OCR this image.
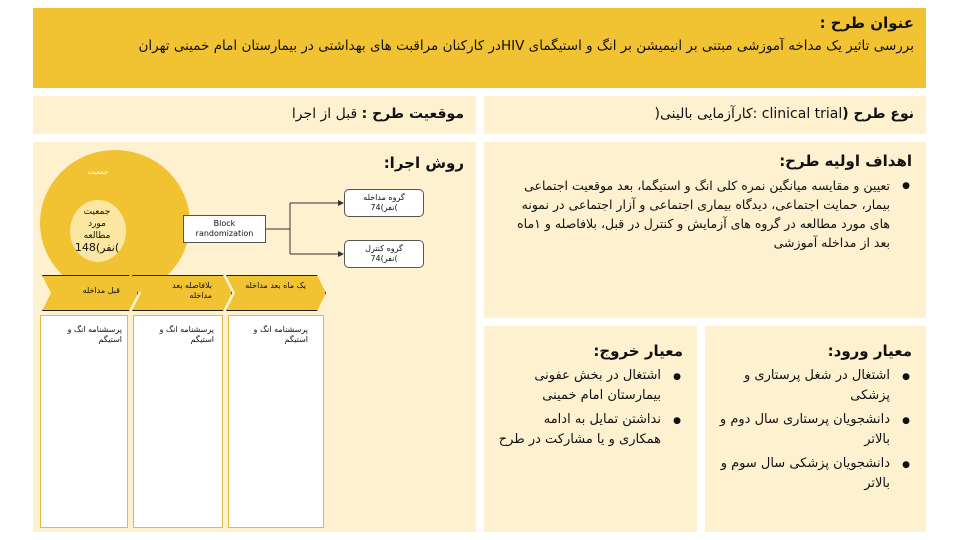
عنوان طرح :
بررسی تاثیر یک مداخه آموزشی مبتنی بر انیمیشن بر انگ و استیگمای HIVدر کارکنان مراقبت های بهداشتی در بیمارستان امام خمینی تهران
موقعیت طرح : قبل از اجرا	نوع طرح (clinical trial :کارآزمایی بالینی(
روش اجرا:
جمعیت
جمعیت
مورد
مطالعه
148(نفر(
Block
randomization
گروه مداخله
74(نفر(
گروه کنترل
74(نفر(
قبل مداخله
بلافاصله بعد مداخله
یک ماه بعد مداخله
پرسشنامه انگ و
استیگم
پرسشنامه انگ و
استیگم
پرسشنامه انگ و
استیگم
اهداف اولیه طرح:
● تعیین و مقایسه میانگین نمره کلی انگ و استیگما، بعد موقعیت اجتماعی بیمار، حمایت اجتماعی، دیدگاه بیماری اجتماعی و آزار اجتماعی در نمونه های مورد مطالعه در گروه های آزمایش و کنترل در قبل، بلافاصله و ۱ماه بعد از مداخله آموزشی
معیار خروج:
● اشتغال در بخش عفونی بیمارستان امام خمینی
● نداشتن تمایل به ادامه همکاری و یا مشارکت در طرح
معیار ورود:
● اشتغال در شغل پرستاری و پزشکی
● دانشجویان پرستاری سال دوم و بالاتر
● دانشجویان پزشکی سال سوم و بالاتر
